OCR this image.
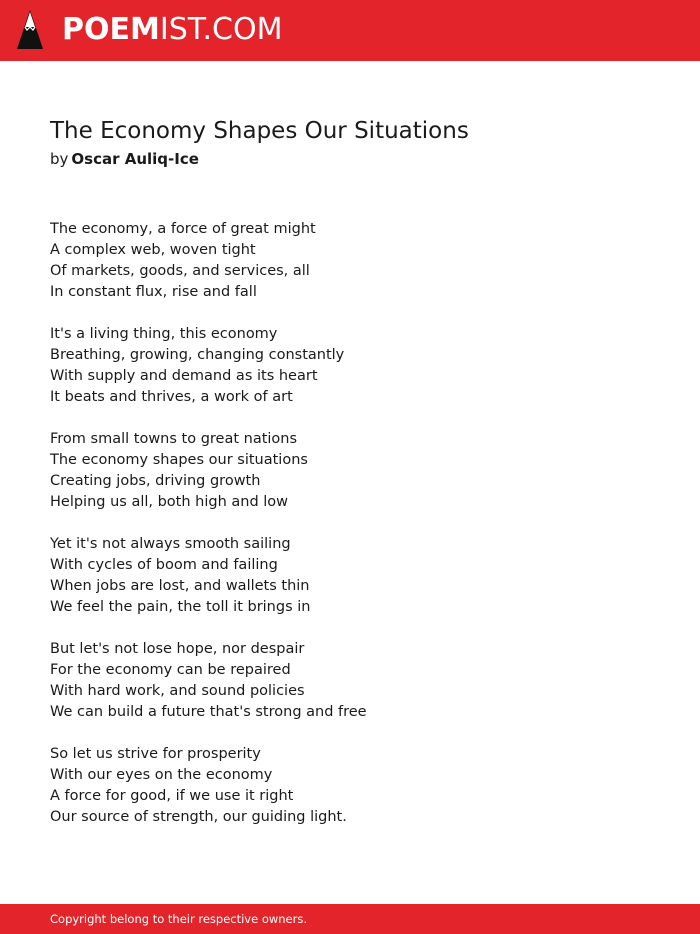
POEMIST.COM
The Economy Shapes Our Situations
by Oscar Auliq-Ice
The economy, a force of great might
A complex web, woven tight
Of markets, goods, and services, all
In constant flux, rise and fall
It's a living thing, this economy
Breathing, growing, changing constantly
With supply and demand as its heart
It beats and thrives, a work of art
From small towns to great nations
The economy shapes our situations
Creating jobs, driving growth
Helping us all, both high and low
Yet it's not always smooth sailing
With cycles of boom and failing
When jobs are lost, and wallets thin
We feel the pain, the toll it brings in
But let's not lose hope, nor despair
For the economy can be repaired
With hard work, and sound policies
We can build a future that's strong and free
So let us strive for prosperity
With our eyes on the economy
A force for good, if we use it right
Our source of strength, our guiding light.
Copyright belong to their respective owners.
